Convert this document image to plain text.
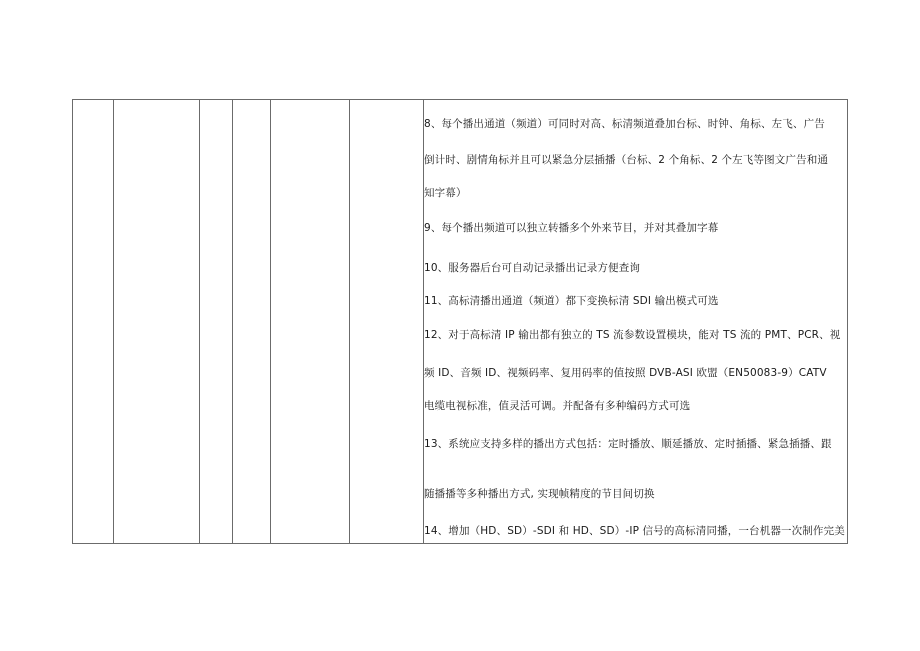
8、每个播出通道（频道）可同时对高、标清频道叠加台标、时钟、角标、左飞、广告
倒计时、剧情角标并且可以紧急分层插播（台标、2 个角标、2 个左飞等图文广告和通
知字幕）
9、每个播出频道可以独立转播多个外来节目，并对其叠加字幕
10、服务器后台可自动记录播出记录方便查询
11、高标清播出通道（频道）都下变换标清 SDI 输出模式可选
12、对于高标清 IP 输出都有独立的 TS 流参数设置模块，能对 TS 流的 PMT、PCR、视
频 ID、音频 ID、视频码率、复用码率的值按照 DVB-ASI 欧盟（EN50083-9）CATV
电缆电视标准，值灵活可调。并配备有多种编码方式可选
13、系统应支持多样的播出方式包括：定时播放、顺延播放、定时插播、紧急插播、跟
随播播等多种播出方式, 实现帧精度的节目间切换
14、增加（HD、SD）-SDI 和 HD、SD）-IP 信号的高标清同播，一台机器一次制作完美
